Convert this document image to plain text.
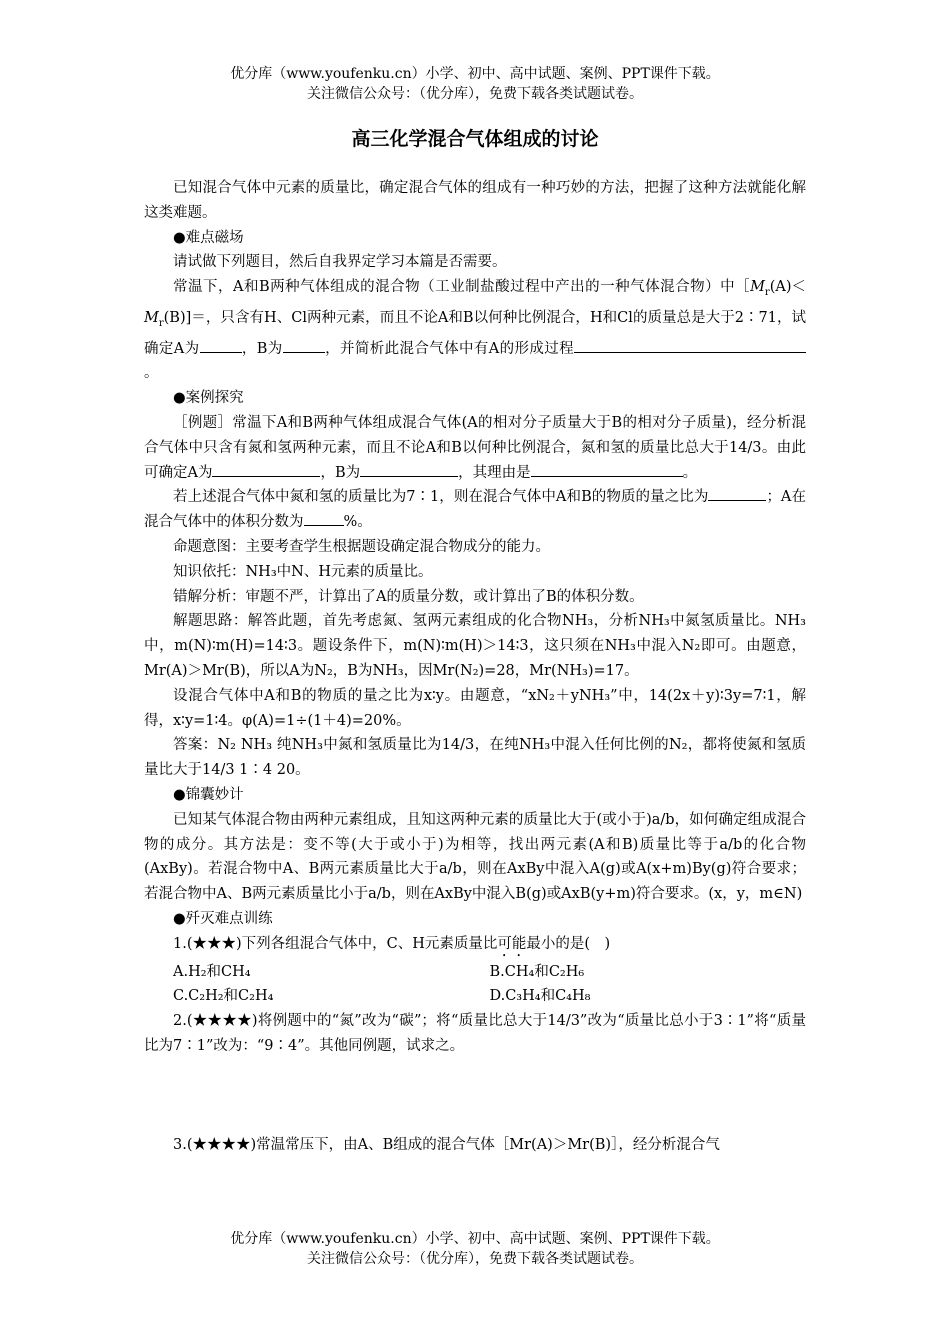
优分库（www.youfenku.cn）小学、初中、高中试题、案例、PPT课件下载。
关注微信公众号：（优分库），免费下载各类试题试卷。
高三化学混合气体组成的讨论

已知混合气体中元素的质量比，确定混合气体的组成有一种巧妙的方法，把握了这种方法就能化解这类难题。

●难点磁场

请试做下列题目，然后自我界定学习本篇是否需要。

常温下，A和B两种气体组成的混合物（工业制盐酸过程中产出的一种气体混合物）中$[M_r(A)<M_r(B)]=$，只含有H、Cl两种元素，而且不论A和B以何种比例混合，H和Cl的质量总是大于2∶71，试确定A为	，B为	，并简析此混合气体中有A的形成过程。

●案例探究

［例题］常温下A和B两种气体组成混合气体(A的相对分子质量大于B的相对分子质量)，经分析混合气体中只含有氮和氢两种元素，而且不论A和B以何种比例混合，氮和氢的质量比总大于14/3。由此可确定A为	，B为	，其理由是	。

若上述混合气体中氮和氢的质量比为7∶1，则在混合气体中A和B的物质的量之比为	；A在混合气体中的体积分数为	%。

命题意图：主要考查学生根据题设确定混合物成分的能力。

知识依托：NH₃中N、H元素的质量比。

错解分析：审题不严，计算出了A的质量分数，或计算出了B的体积分数。

解题思路：解答此题，首先考虑氮、氢两元素组成的化合物NH₃，分析NH₃中氮氢质量比。NH₃中，m(N)∶m(H)=14∶3。题设条件下，m(N)∶m(H)＞14∶3，这只须在NH₃中混入N₂即可。由题意，Mr(A)＞Mr(B)，所以A为N₂，B为NH₃，因Mr(N₂)=28，Mr(NH₃)=17。

设混合气体中A和B的物质的量之比为x∶y。由题意，“xN₂＋yNH₃”中，14(2x＋y)∶3y=7∶1，解得，x∶y=1∶4。φ(A)=1÷(1＋4)=20%。

答案：N₂ NH₃ 纯NH₃中氮和氢质量比为14/3，在纯NH₃中混入任何比例的N₂，都将使氮和氢质量比大于14/3 1∶4 20。

●锦囊妙计

已知某气体混合物由两种元素组成，且知这两种元素的质量比大于(或小于)a/b，如何确定组成混合物的成分。其方法是：变不等(大于或小于)为相等，找出两元素(A和B)质量比等于a/b的化合物(AxBy)。若混合物中A、B两元素质量比大于a/b，则在AxBy中混入A(g)或A(x+m)By(g)符合要求；若混合物中A、B两元素质量比小于a/b，则在AxBy中混入B(g)或AxB(y+m)符合要求。(x，y，m∈N)

●歼灭难点训练

1.(★★★)下列各组混合气体中，C、H元素质量比可能最小的是(　)

A.H₂和CH₄	B.CH₄和C₂H₆
C.C₂H₂和C₂H₄	D.C₃H₄和C₄H₈

2.(★★★★)将例题中的“氮”改为“碳”；将“质量比总大于14/3”改为“质量比总小于3∶1”将“质量比为7∶1”改为：“9∶4”。其他同例题，试求之。

3.(★★★★)常温常压下，由A、B组成的混合气体［Mr(A)＞Mr(B)］，经分析混合气

优分库（www.youfenku.cn）小学、初中、高中试题、案例、PPT课件下载。
关注微信公众号：（优分库），免费下载各类试题试卷。
